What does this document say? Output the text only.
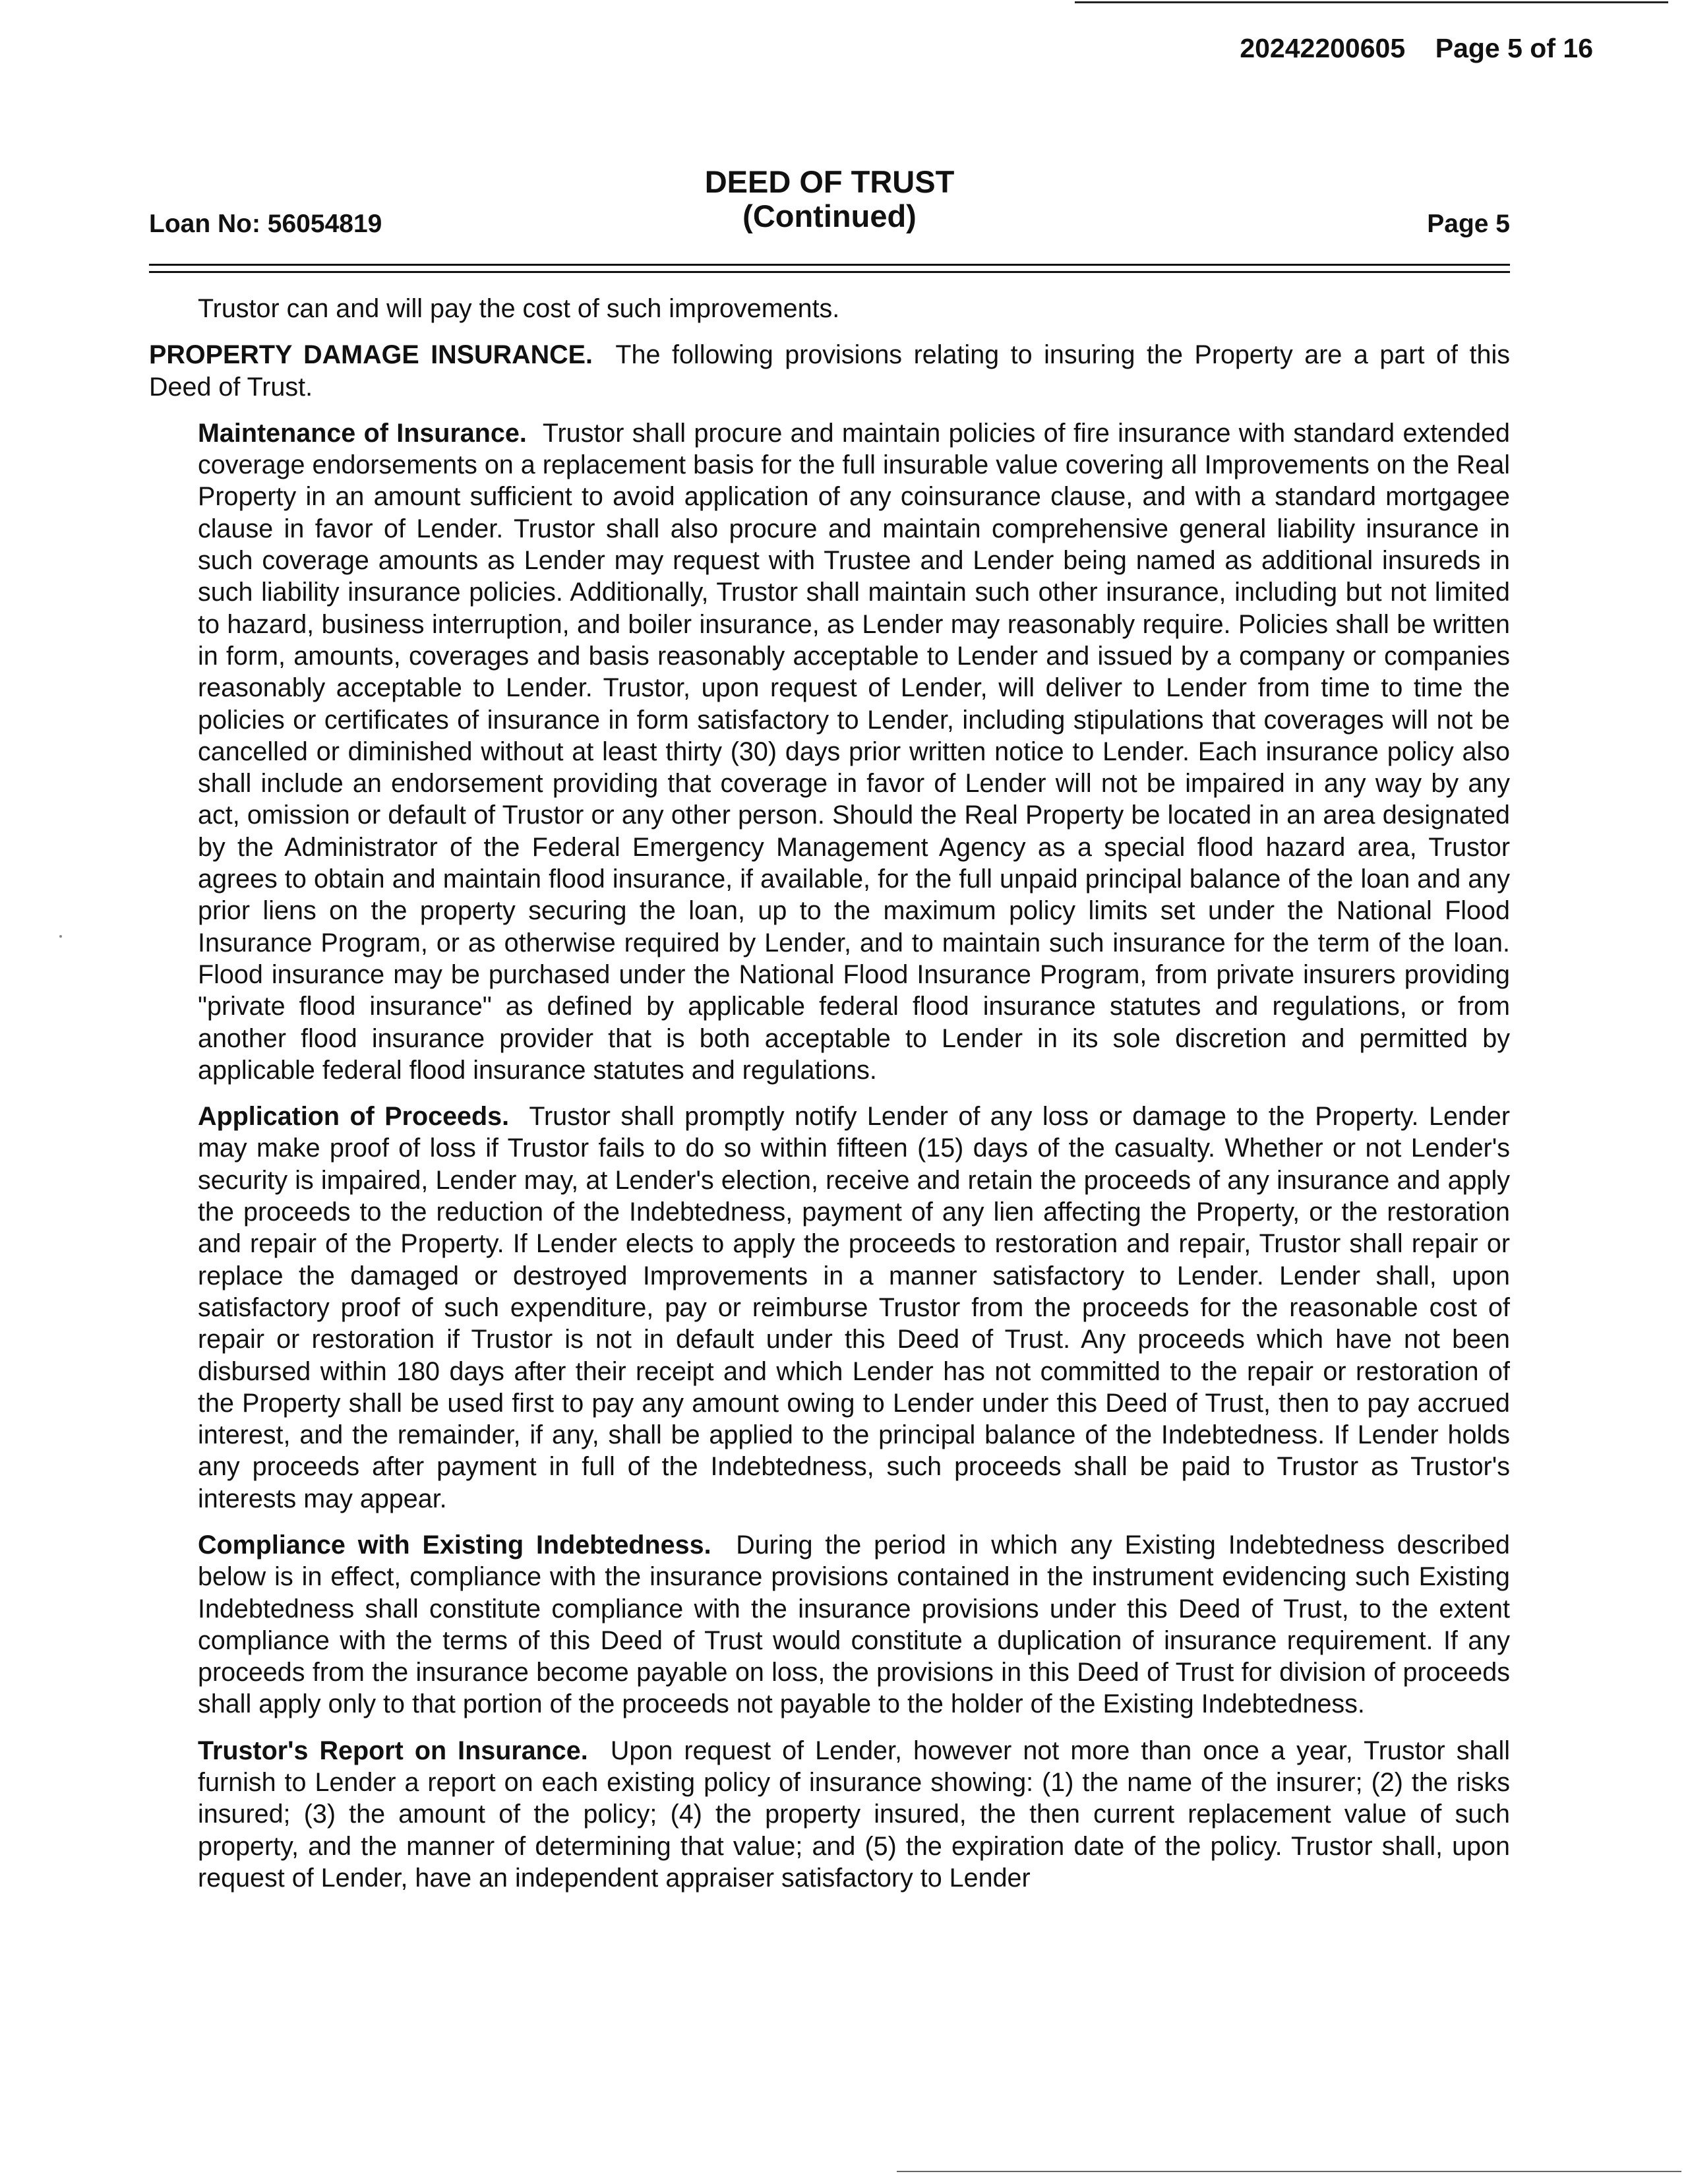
20242200605 Page 5 of 16
Loan No: 56054819
DEED OF TRUST
(Continued)	Page 5

Trustor can and will pay the cost of such improvements.

PROPERTY DAMAGE INSURANCE. The following provisions relating to insuring the Property are a part of this Deed of Trust.

Maintenance of Insurance. Trustor shall procure and maintain policies of fire insurance with standard extended coverage endorsements on a replacement basis for the full insurable value covering all Improvements on the Real Property in an amount sufficient to avoid application of any coinsurance clause, and with a standard mortgagee clause in favor of Lender. Trustor shall also procure and maintain comprehensive general liability insurance in such coverage amounts as Lender may request with Trustee and Lender being named as additional insureds in such liability insurance policies. Additionally, Trustor shall maintain such other insurance, including but not limited to hazard, business interruption, and boiler insurance, as Lender may reasonably require. Policies shall be written in form, amounts, coverages and basis reasonably acceptable to Lender and issued by a company or companies reasonably acceptable to Lender. Trustor, upon request of Lender, will deliver to Lender from time to time the policies or certificates of insurance in form satisfactory to Lender, including stipulations that coverages will not be cancelled or diminished without at least thirty (30) days prior written notice to Lender. Each insurance policy also shall include an endorsement providing that coverage in favor of Lender will not be impaired in any way by any act, omission or default of Trustor or any other person. Should the Real Property be located in an area designated by the Administrator of the Federal Emergency Management Agency as a special flood hazard area, Trustor agrees to obtain and maintain flood insurance, if available, for the full unpaid principal balance of the loan and any prior liens on the property securing the loan, up to the maximum policy limits set under the National Flood Insurance Program, or as otherwise required by Lender, and to maintain such insurance for the term of the loan. Flood insurance may be purchased under the National Flood Insurance Program, from private insurers providing "private flood insurance" as defined by applicable federal flood insurance statutes and regulations, or from another flood insurance provider that is both acceptable to Lender in its sole discretion and permitted by applicable federal flood insurance statutes and regulations.

Application of Proceeds. Trustor shall promptly notify Lender of any loss or damage to the Property. Lender may make proof of loss if Trustor fails to do so within fifteen (15) days of the casualty. Whether or not Lender's security is impaired, Lender may, at Lender's election, receive and retain the proceeds of any insurance and apply the proceeds to the reduction of the Indebtedness, payment of any lien affecting the Property, or the restoration and repair of the Property. If Lender elects to apply the proceeds to restoration and repair, Trustor shall repair or replace the damaged or destroyed Improvements in a manner satisfactory to Lender. Lender shall, upon satisfactory proof of such expenditure, pay or reimburse Trustor from the proceeds for the reasonable cost of repair or restoration if Trustor is not in default under this Deed of Trust. Any proceeds which have not been disbursed within 180 days after their receipt and which Lender has not committed to the repair or restoration of the Property shall be used first to pay any amount owing to Lender under this Deed of Trust, then to pay accrued interest, and the remainder, if any, shall be applied to the principal balance of the Indebtedness. If Lender holds any proceeds after payment in full of the Indebtedness, such proceeds shall be paid to Trustor as Trustor's interests may appear.

Compliance with Existing Indebtedness. During the period in which any Existing Indebtedness described below is in effect, compliance with the insurance provisions contained in the instrument evidencing such Existing Indebtedness shall constitute compliance with the insurance provisions under this Deed of Trust, to the extent compliance with the terms of this Deed of Trust would constitute a duplication of insurance requirement. If any proceeds from the insurance become payable on loss, the provisions in this Deed of Trust for division of proceeds shall apply only to that portion of the proceeds not payable to the holder of the Existing Indebtedness.

Trustor's Report on Insurance. Upon request of Lender, however not more than once a year, Trustor shall furnish to Lender a report on each existing policy of insurance showing: (1) the name of the insurer; (2) the risks insured; (3) the amount of the policy; (4) the property insured, the then current replacement value of such property, and the manner of determining that value; and (5) the expiration date of the policy. Trustor shall, upon request of Lender, have an independent appraiser satisfactory to Lender
